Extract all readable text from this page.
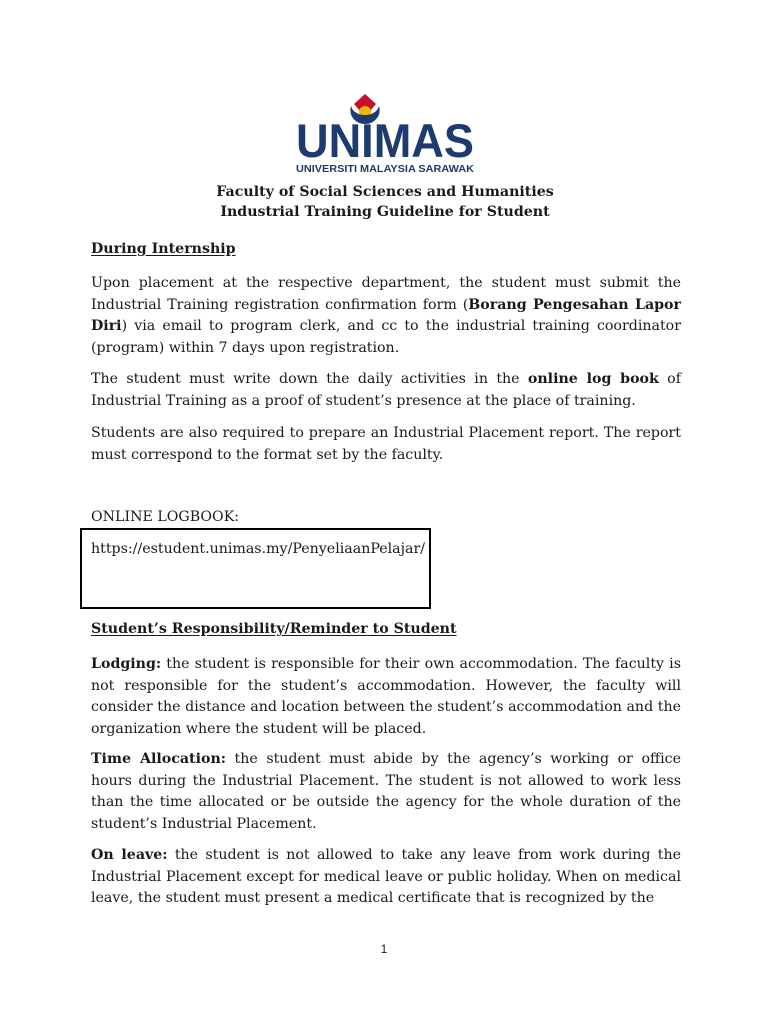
UNIMAS
UNIVERSITI MALAYSIA SARAWAK
Faculty of Social Sciences and Humanities
Industrial Training Guideline for Student
During Internship
Upon placement at the respective department, the student must submit the Industrial Training registration confirmation form (Borang Pengesahan Lapor Diri) via email to program clerk, and cc to the industrial training coordinator (program) within 7 days upon registration.
The student must write down the daily activities in the online log book of Industrial Training as a proof of student’s presence at the place of training.
Students are also required to prepare an Industrial Placement report. The report must correspond to the format set by the faculty.
ONLINE LOGBOOK:
https://estudent.unimas.my/PenyeliaanPelajar/
Student’s Responsibility/Reminder to Student
Lodging: the student is responsible for their own accommodation. The faculty is not responsible for the student’s accommodation. However, the faculty will consider the distance and location between the student’s accommodation and the organization where the student will be placed.
Time Allocation: the student must abide by the agency’s working or office hours during the Industrial Placement. The student is not allowed to work less than the time allocated or be outside the agency for the whole duration of the student’s Industrial Placement.
On leave: the student is not allowed to take any leave from work during the Industrial Placement except for medical leave or public holiday. When on medical leave, the student must present a medical certificate that is recognized by the
1
